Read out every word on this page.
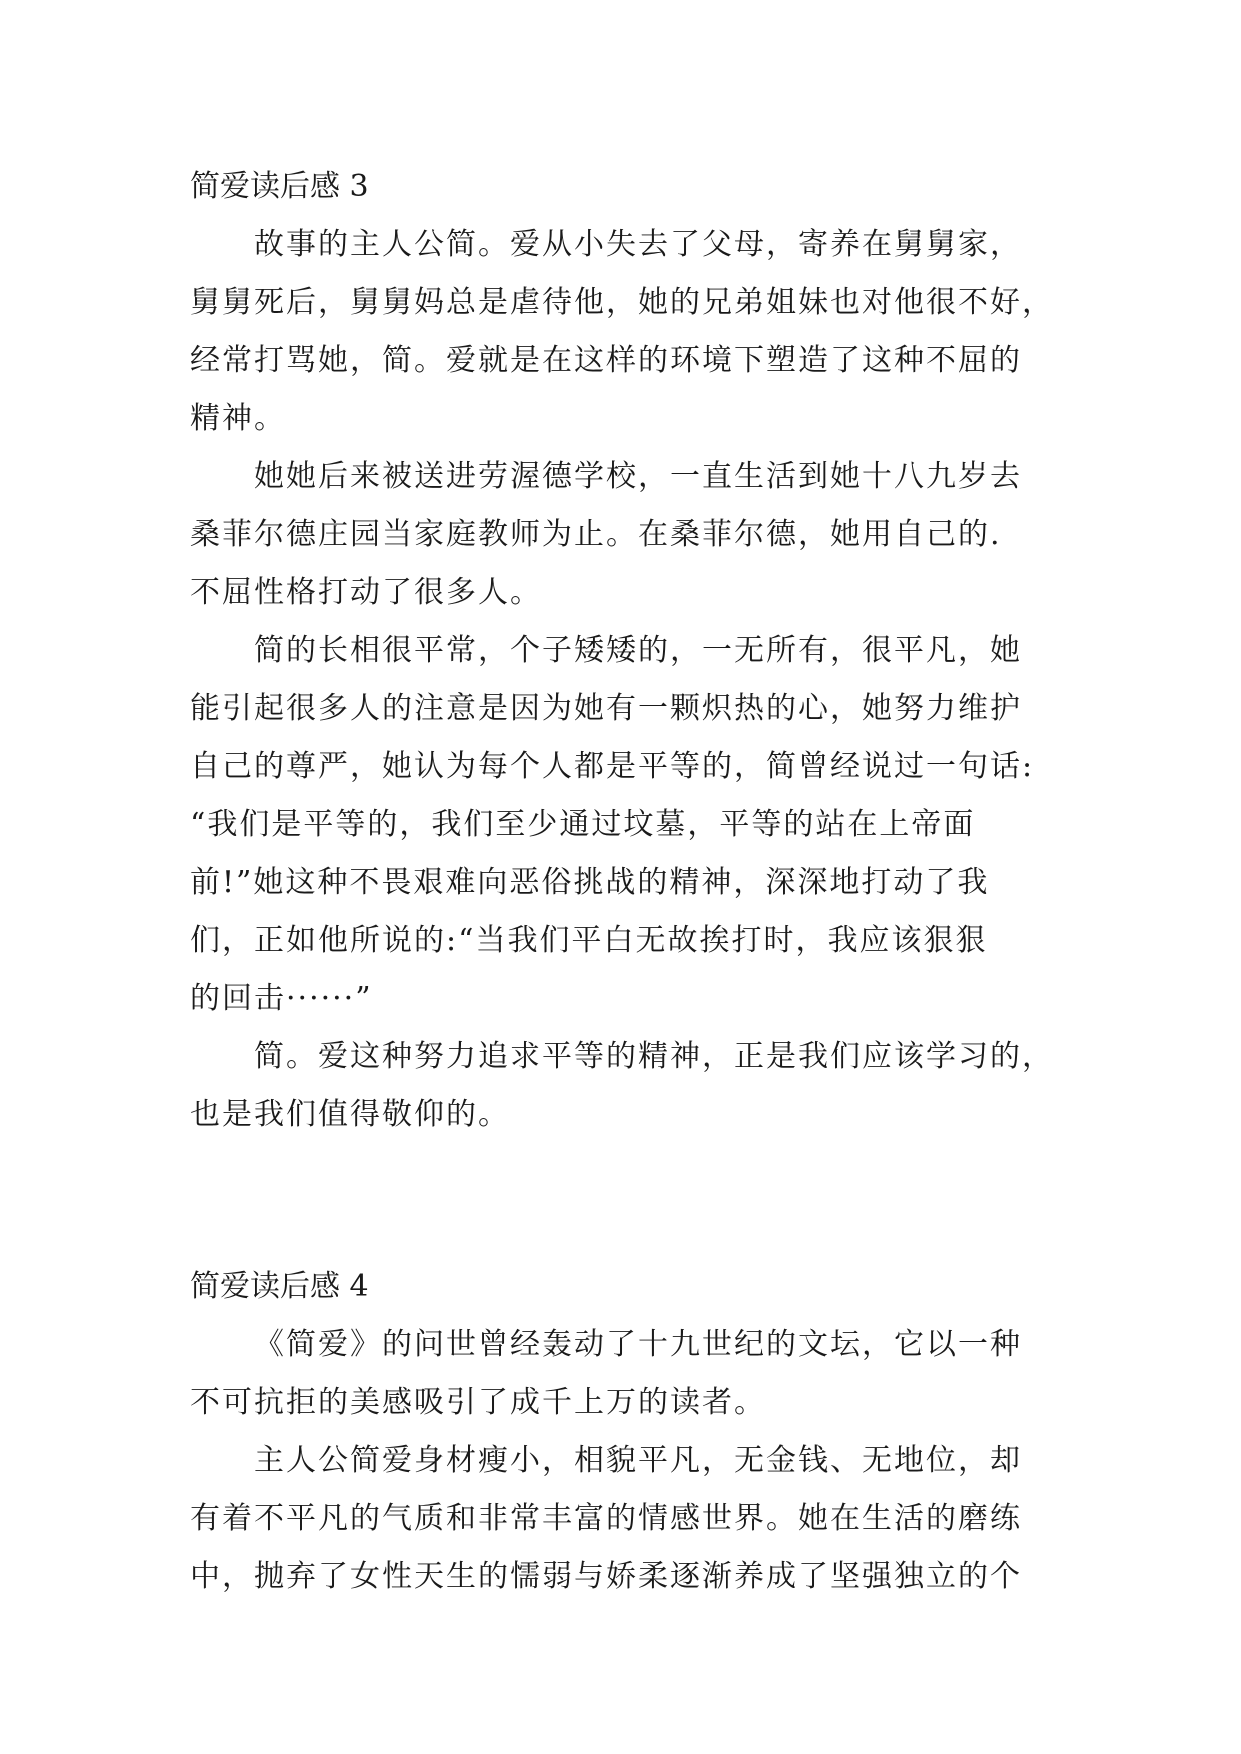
简爱读后感 3

故事的主人公简。爱从小失去了父母，寄养在舅舅家，
舅舅死后，舅舅妈总是虐待他，她的兄弟姐妹也对他很不好，
经常打骂她，简。爱就是在这样的环境下塑造了这种不屈的
精神。

她她后来被送进劳渥德学校，一直生活到她十八九岁去
桑菲尔德庄园当家庭教师为止。在桑菲尔德，她用自己的.
不屈性格打动了很多人。

简的长相很平常，个子矮矮的，一无所有，很平凡，她
能引起很多人的注意是因为她有一颗炽热的心，她努力维护
自己的尊严，她认为每个人都是平等的，简曾经说过一句话:
“我们是平等的，我们至少通过坟墓，平等的站在上帝面
前!”她这种不畏艰难向恶俗挑战的精神，深深地打动了我
们，正如他所说的:“当我们平白无故挨打时，我应该狠狠
的回击······”

简。爱这种努力追求平等的精神，正是我们应该学习的，
也是我们值得敬仰的。

简爱读后感 4

《简爱》的问世曾经轰动了十九世纪的文坛，它以一种
不可抗拒的美感吸引了成千上万的读者。

主人公简爱身材瘦小，相貌平凡，无金钱、无地位，却
有着不平凡的气质和非常丰富的情感世界。她在生活的磨练
中，抛弃了女性天生的懦弱与娇柔逐渐养成了坚强独立的个
